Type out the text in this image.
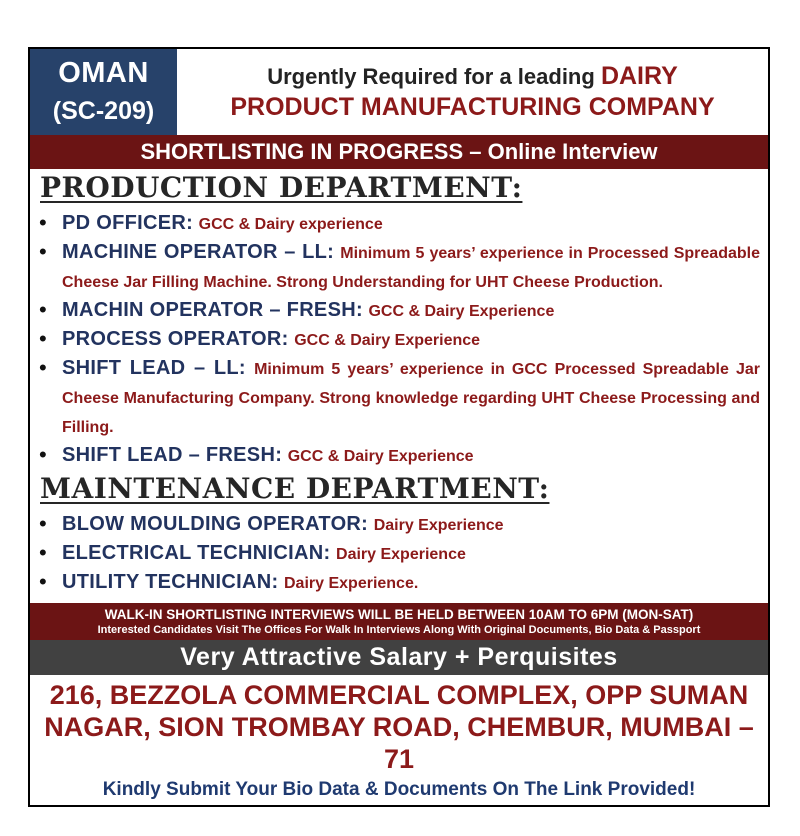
OMAN
(SC-209)
Urgently Required for a leading DAIRY
PRODUCT MANUFACTURING COMPANY
SHORTLISTING IN PROGRESS – Online Interview
PRODUCTION DEPARTMENT:
• PD OFFICER: GCC & Dairy experience
• MACHINE OPERATOR – LL: Minimum 5 years’ experience in Processed Spreadable Cheese Jar Filling Machine. Strong Understanding for UHT Cheese Production.
• MACHIN OPERATOR – FRESH: GCC & Dairy Experience
• PROCESS OPERATOR: GCC & Dairy Experience
• SHIFT LEAD – LL: Minimum 5 years’ experience in GCC Processed Spreadable Jar Cheese Manufacturing Company. Strong knowledge regarding UHT Cheese Processing and Filling.
• SHIFT LEAD – FRESH: GCC & Dairy Experience
MAINTENANCE DEPARTMENT:
• BLOW MOULDING OPERATOR: Dairy Experience
• ELECTRICAL TECHNICIAN: Dairy Experience
• UTILITY TECHNICIAN: Dairy Experience.
WALK-IN SHORTLISTING INTERVIEWS WILL BE HELD BETWEEN 10AM TO 6PM (MON-SAT)
Interested Candidates Visit The Offices For Walk In Interviews Along With Original Documents, Bio Data & Passport
Very Attractive Salary + Perquisites
216, BEZZOLA COMMERCIAL COMPLEX, OPP SUMAN
NAGAR, SION TROMBAY ROAD, CHEMBUR, MUMBAI – 71
Kindly Submit Your Bio Data & Documents On The Link Provided!
